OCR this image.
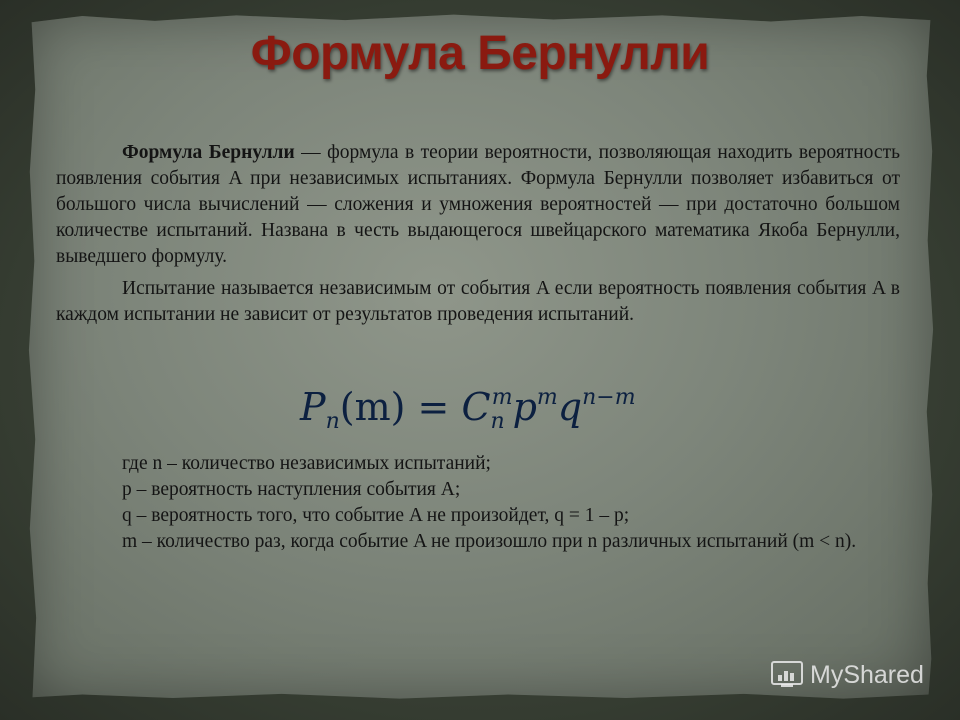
Формула Бернулли

Формула Бернулли — формула в теории вероятности, позволяющая находить вероятность появления события A при независимых испытаниях. Формула Бернулли позволяет избавиться от большого числа вычислений — сложения и умножения вероятностей — при достаточно большом количестве испытаний. Названа в честь выдающегося швейцарского математика Якоба Бернулли, выведшего формулу.

Испытание называется независимым от события A если вероятность появления события A в каждом испытании не зависит от результатов проведения испытаний.

$P_n(m) = C_n^mp^mq^{n-m}$
где n – количество независимых испытаний;
p – вероятность наступления события A;
q – вероятность того, что событие A не произойдет, q = 1 – p;
m – количество раз, когда событие A не произошло при n различных испытаний (m < n).
MyShared
